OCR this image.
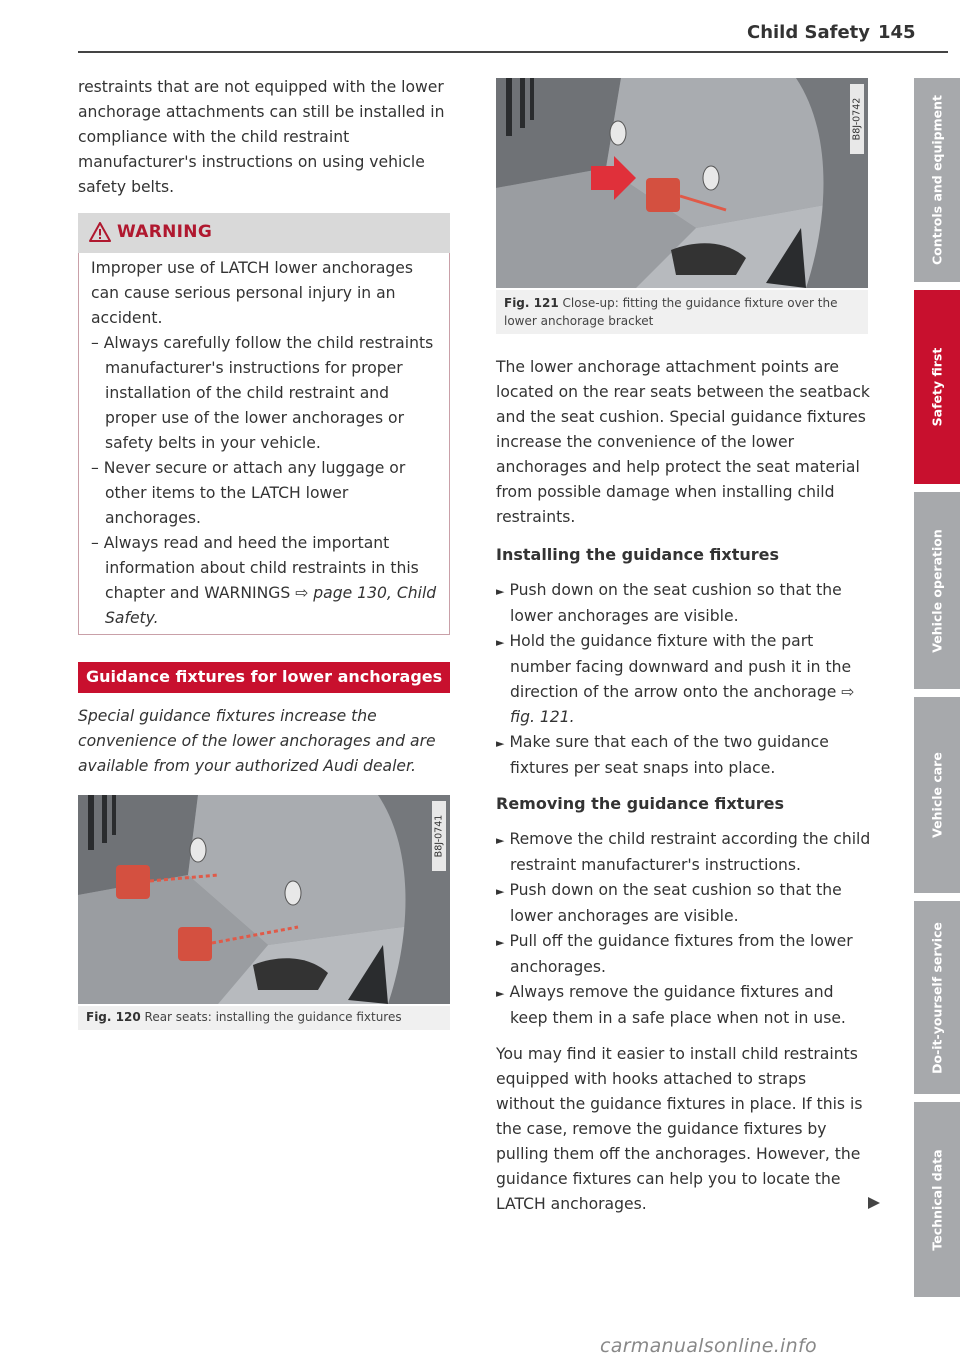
Child Safety 145

restraints that are not equipped with the lower anchorage attachments can still be installed in compliance with the child restraint manufacturer's instructions on using vehicle safety belts.

WARNING

Improper use of LATCH lower anchorages can cause serious personal injury in an accident.

– Always carefully follow the child restraints manufacturer's instructions for proper installation of the child restraint and proper use of the lower anchorages or safety belts in your vehicle.

– Never secure or attach any luggage or other items to the LATCH lower anchorages.

– Always read and heed the important information about child restraints in this chapter and WARNINGS ⇨ page 130, Child Safety.

Guidance fixtures for lower anchorages

Special guidance fixtures increase the convenience of the lower anchorages and are available from your authorized Audi dealer.

B8J-0741
Fig. 120 Rear seats: installing the guidance fixtures
B8J-0742
Fig. 121 Close-up: fitting the guidance fixture over the lower anchorage bracket

The lower anchorage attachment points are located on the rear seats between the seatback and the seat cushion. Special guidance fixtures increase the convenience of the lower anchorages and help protect the seat material from possible damage when installing child restraints.

Installing the guidance fixtures

► Push down on the seat cushion so that the lower anchorages are visible.

► Hold the guidance fixture with the part number facing downward and push it in the direction of the arrow onto the anchorage ⇨ fig. 121.

► Make sure that each of the two guidance fixtures per seat snaps into place.

Removing the guidance fixtures

► Remove the child restraint according the child restraint manufacturer's instructions.

► Push down on the seat cushion so that the lower anchorages are visible.

► Pull off the guidance fixtures from the lower anchorages.

► Always remove the guidance fixtures and keep them in a safe place when not in use.

You may find it easier to install child restraints equipped with hooks attached to straps without the guidance fixtures in place. If this is the case, remove the guidance fixtures by pulling them off the anchorages. However, the guidance fixtures can help you to locate the LATCH anchorages.

Controls and equipment
Safety first
Vehicle operation
Vehicle care
Do-it-yourself service
Technical data
carmanualsonline.info
